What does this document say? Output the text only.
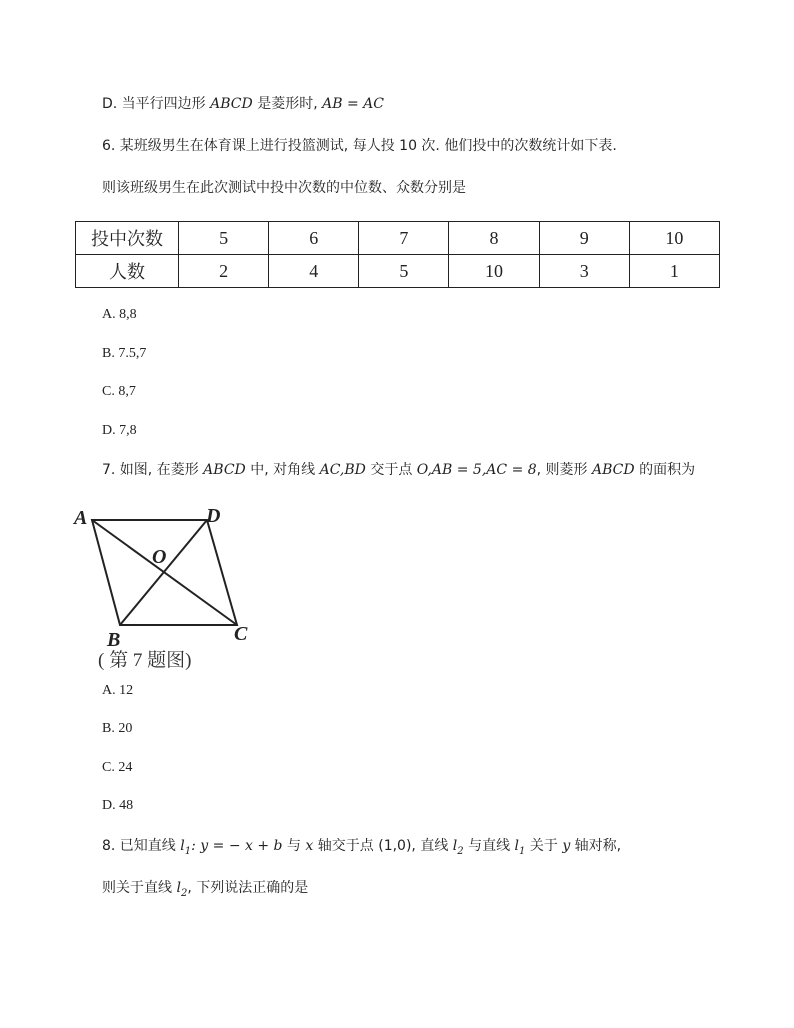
D. 当平行四边形 ABCD 是菱形时, AB = AC
6. 某班级男生在体育课上进行投篮测试, 每人投 10 次. 他们投中的次数统计如下表.
则该班级男生在此次测试中投中次数的中位数、众数分别是
投中次数	5	6	7	8	9	10
人数	2	4	5	10	3	1
A. 8,8
B. 7.5,7
C. 8,7
D. 7,8
7. 如图, 在菱形 ABCD 中, 对角线 AC,BD 交于点 O,AB = 5,AC = 8, 则菱形 ABCD 的面积为
A	D
O
B	C
( 第 7 题图)
A. 12
B. 20
C. 24
D. 48
8. 已知直线 $l_1$: y = − x + b 与 x 轴交于点 (1,0), 直线 $l_2$ 与直线 $l_1$ 关于 y 轴对称,
则关于直线 $l_2$, 下列说法正确的是
